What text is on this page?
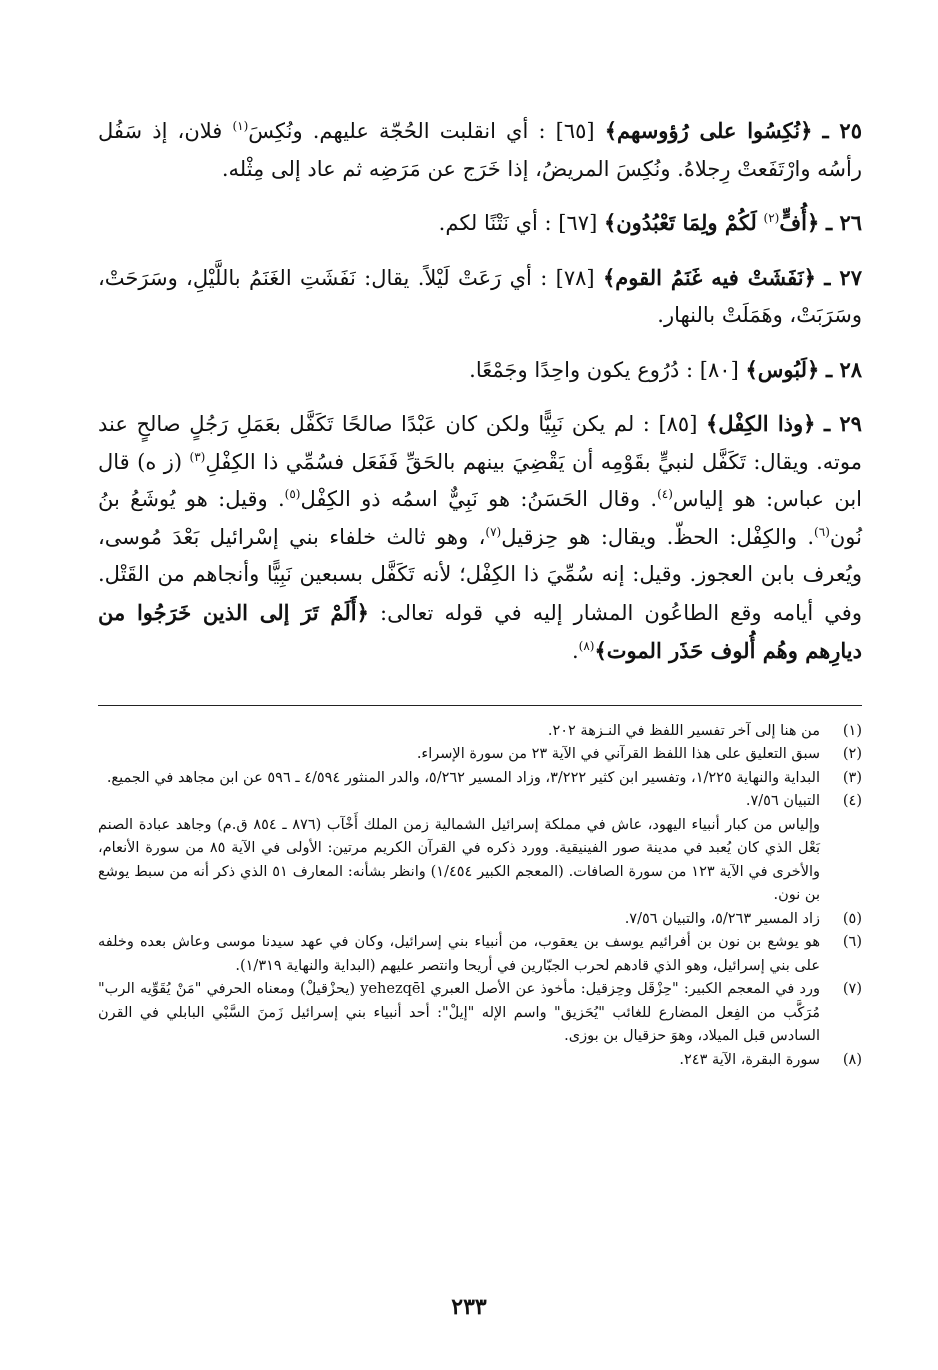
٢٥ ـ ﴿نُكِسُوا على رُؤوسهم﴾ [٦٥] : أي انقلبت الحُجّة عليهم. ونُكِسَ$^{(١)}$ فلان، إذ سَفُل رأسُه وارْتَفَعتْ رِجلاهُ. ونُكِسَ المريضُ، إذا خَرَج عن مَرَضِه ثم عاد إلى مِثْله.

٢٦ ـ ﴿أُفٍّ$^{(٢)}$ لَكُمْ ولِمَا تَعْبُدُون﴾ [٦٧] : أي نَتْنًا لكم.

٢٧ ـ ﴿نَفَشَتْ فيه غَنَمُ القوم﴾ [٧٨] : أي رَعَتْ لَيْلاً. يقال: نَفَشَتِ الغَنَمُ باللَّيْلِ، وسَرَحَتْ، وسَرَبَتْ، وهَمَلَتْ بالنهار.

٢٨ ـ ﴿لَبُوس﴾ [٨٠] : دُرُوع يكون واحِدًا وجَمْعًا.

٢٩ ـ ﴿وذا الكِفْل﴾ [٨٥] : لم يكن نَبِيًّا ولكن كان عَبْدًا صالحًا تَكَفَّل بعَمَلِ رَجُلٍ صالحٍ عند موته. ويقال: تَكَفَّل لنبيٍّ بقَوْمِه أن يَقْضِيَ بينهم بالحَقِّ فَفَعَل فسُمِّي ذا الكِفْلِ$^{(٣)}$ (ز ه) قال ابن عباس: هو إلياس$^{(٤)}$. وقال الحَسَنُ: هو نَبِيٌّ اسمُه ذو الكِفْل$^{(٥)}$. وقيل: هو يُوشَعُ بنُ نُون$^{(٦)}$. والكِفْل: الحظّ. ويقال: هو حِزقيل$^{(٧)}$، وهو ثالث خلفاء بني إسْرائيل بَعْدَ مُوسى، ويُعرف بابن العجوز. وقيل: إنه سُمِّيَ ذا الكِفْل؛ لأنه تَكَفَّل بسبعين نَبِيًّا وأنجاهم من القَتْل. وفي أيامه وقع الطاعُون المشار إليه في قوله تعالى: ﴿أَلَمْ تَرَ إلى الذين خَرَجُوا من ديارِهم وهُم أُلوف حَذَر الموت﴾$^{(٨)}$.

(١)

من هنا إلى آخر تفسير اللفظ في النـزهة ٢٠٢.

(٢)

سبق التعليق على هذا اللفظ القرآني في الآية ٢٣ من سورة الإسراء.

(٣)

البداية والنهاية ١/٢٢٥، وتفسير ابن كثير ٣/٢٢٢، وزاد المسير ٥/٢٦٢، والدر المنثور ٤/٥٩٤ ـ ٥٩٦ عن ابن مجاهد في الجميع.

(٤)

التبيان ٧/٥٦.

وإلياس من كبار أنبياء اليهود، عاش في مملكة إسرائيل الشمالية زمن الملك أَخْآب (٨٧٦ ـ ٨٥٤ ق.م) وجاهد عبادة الصنم بَعْل الذي كان يُعبد في مدينة صور الفينيقية. وورد ذكره في القرآن الكريم مرتين: الأولى في الآية ٨٥ من سورة الأنعام، والأخرى في الآية ١٢٣ من سورة الصافات. (المعجم الكبير ١/٤٥٤) وانظر بشأنه: المعارف ٥١ الذي ذكر أنه من سبط يوشع بن نون.

(٥)

زاد المسير ٥/٢٦٣، والتبيان ٧/٥٦.

(٦)

هو يوشع بن نون بن أفرائيم يوسف بن يعقوب، من أنبياء بني إسرائيل، وكان في عهد سيدنا موسى وعاش بعده وخلفه على بني إسرائيل، وهو الذي قادهم لحرب الجبّارين في أريحا وانتصر عليهم (البداية والنهاية ١/٣١٩).

(٧)

ورد في المعجم الكبير: "حِزْقَل وحِزقيل: مأخوذ عن الأصل العبري yehezqēl (يحزْقيلْ) ومعناه الحرفي "مَنْ يُقَوِّيه الرب" مُرَكَّب من الفِعل المضارع للغائب "يُحَزيق" واسم الإله "إيلْ": أحد أنبياء بني إسرائيل زَمنَ السَّبْي البابلي في القرن السادس قبل الميلاد، وهوَ حزقيال بن بوزى.

(٨)

سورة البقرة، الآية ٢٤٣.

٢٣٣
